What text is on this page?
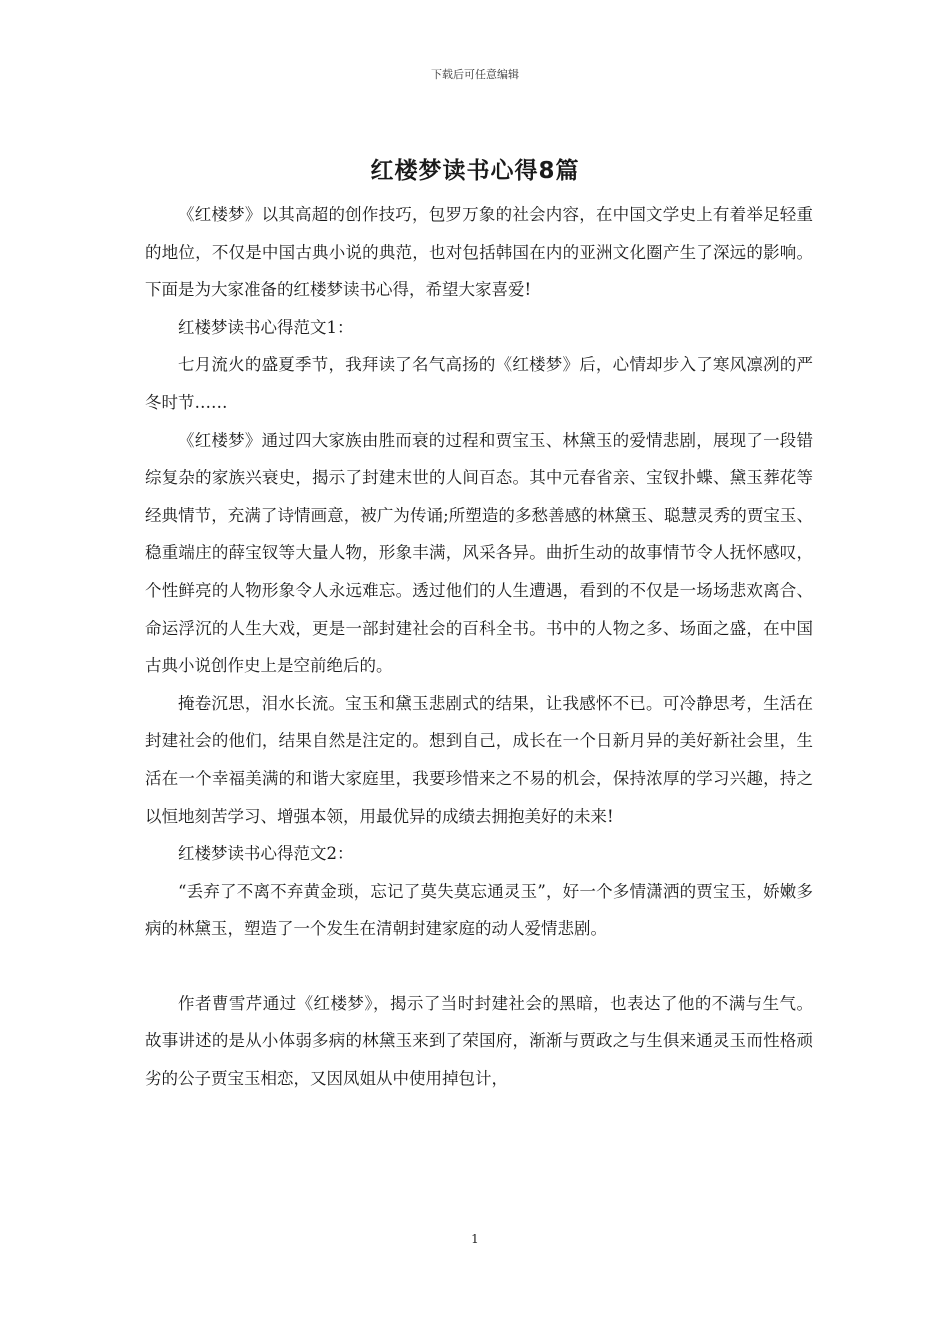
下载后可任意编辑
红楼梦读书心得8篇

《红楼梦》以其高超的创作技巧，包罗万象的社会内容，在中国文学史上有着举足轻重的地位，不仅是中国古典小说的典范，也对包括韩国在内的亚洲文化圈产生了深远的影响。下面是为大家准备的红楼梦读书心得，希望大家喜爱!

红楼梦读书心得范文1：

七月流火的盛夏季节，我拜读了名气高扬的《红楼梦》后，心情却步入了寒风凛冽的严冬时节……

《红楼梦》通过四大家族由胜而衰的过程和贾宝玉、林黛玉的爱情悲剧，展现了一段错综复杂的家族兴衰史，揭示了封建末世的人间百态。其中元春省亲、宝钗扑蝶、黛玉葬花等经典情节，充满了诗情画意，被广为传诵;所塑造的多愁善感的林黛玉、聪慧灵秀的贾宝玉、稳重端庄的薛宝钗等大量人物，形象丰满，风采各异。曲折生动的故事情节令人抚怀感叹，个性鲜亮的人物形象令人永远难忘。透过他们的人生遭遇，看到的不仅是一场场悲欢离合、命运浮沉的人生大戏，更是一部封建社会的百科全书。书中的人物之多、场面之盛，在中国古典小说创作史上是空前绝后的。

掩卷沉思，泪水长流。宝玉和黛玉悲剧式的结果，让我感怀不已。可冷静思考，生活在封建社会的他们，结果自然是注定的。想到自己，成长在一个日新月异的美好新社会里，生活在一个幸福美满的和谐大家庭里，我要珍惜来之不易的机会，保持浓厚的学习兴趣，持之以恒地刻苦学习、增强本领，用最优异的成绩去拥抱美好的未来!

红楼梦读书心得范文2：

“丢弃了不离不弃黄金琐，忘记了莫失莫忘通灵玉”，好一个多情潇洒的贾宝玉，娇嫩多病的林黛玉，塑造了一个发生在清朝封建家庭的动人爱情悲剧。

作者曹雪芹通过《红楼梦》，揭示了当时封建社会的黑暗，也表达了他的不满与生气。故事讲述的是从小体弱多病的林黛玉来到了荣国府，渐渐与贾政之与生俱来通灵玉而性格顽劣的公子贾宝玉相恋，又因凤姐从中使用掉包计，

1
